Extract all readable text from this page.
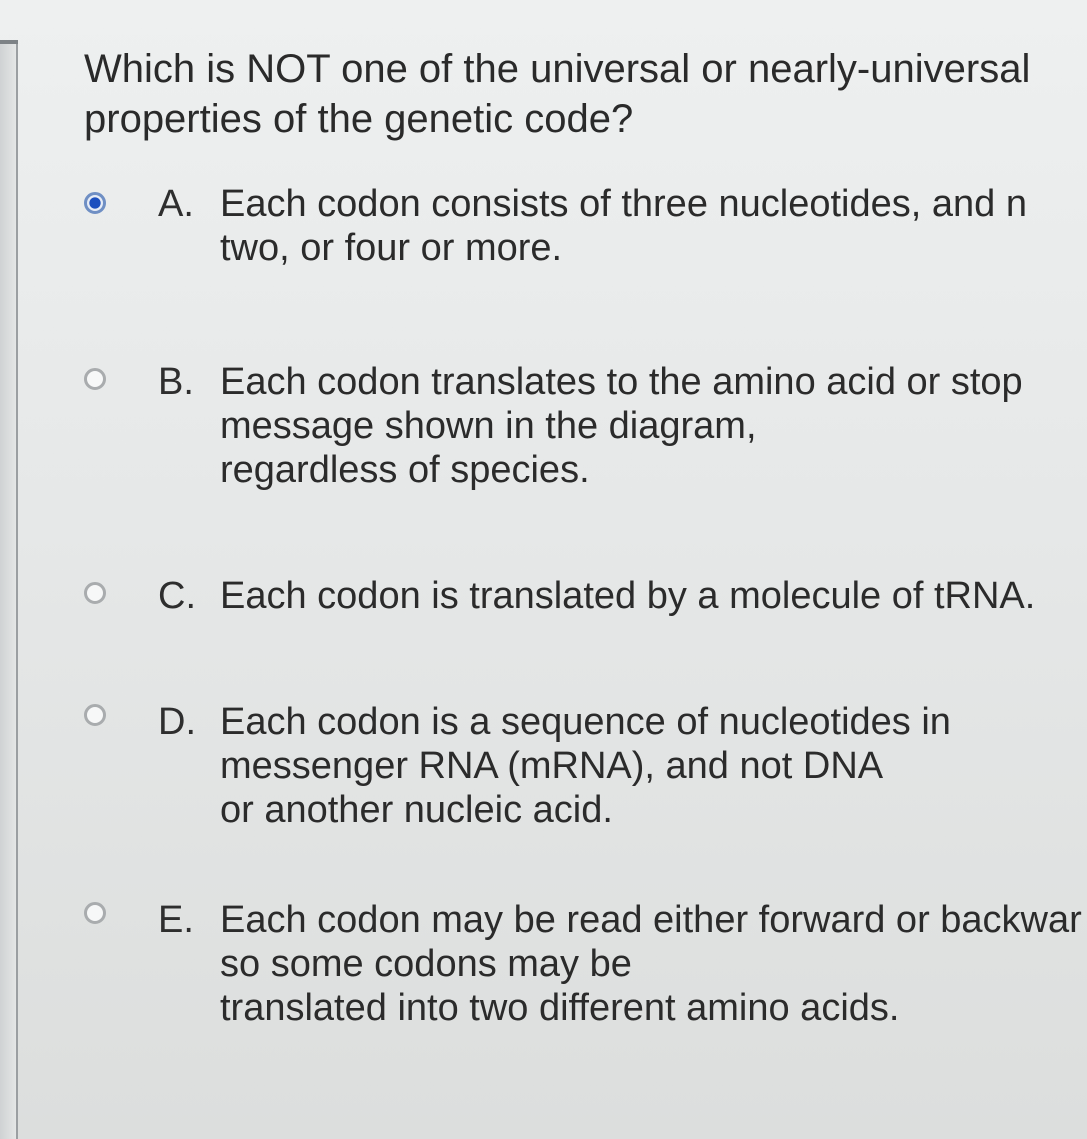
Which is NOT one of the universal or nearly-universal
properties of the genetic code?
A. Each codon consists of three nucleotides, and n
two, or four or more.
B. Each codon translates to the amino acid or stop
message shown in the diagram,
regardless of species.
C. Each codon is translated by a molecule of tRNA.
D. Each codon is a sequence of nucleotides in
messenger RNA (mRNA), and not DNA
or another nucleic acid.
E. Each codon may be read either forward or backwar
so some codons may be
translated into two different amino acids.
